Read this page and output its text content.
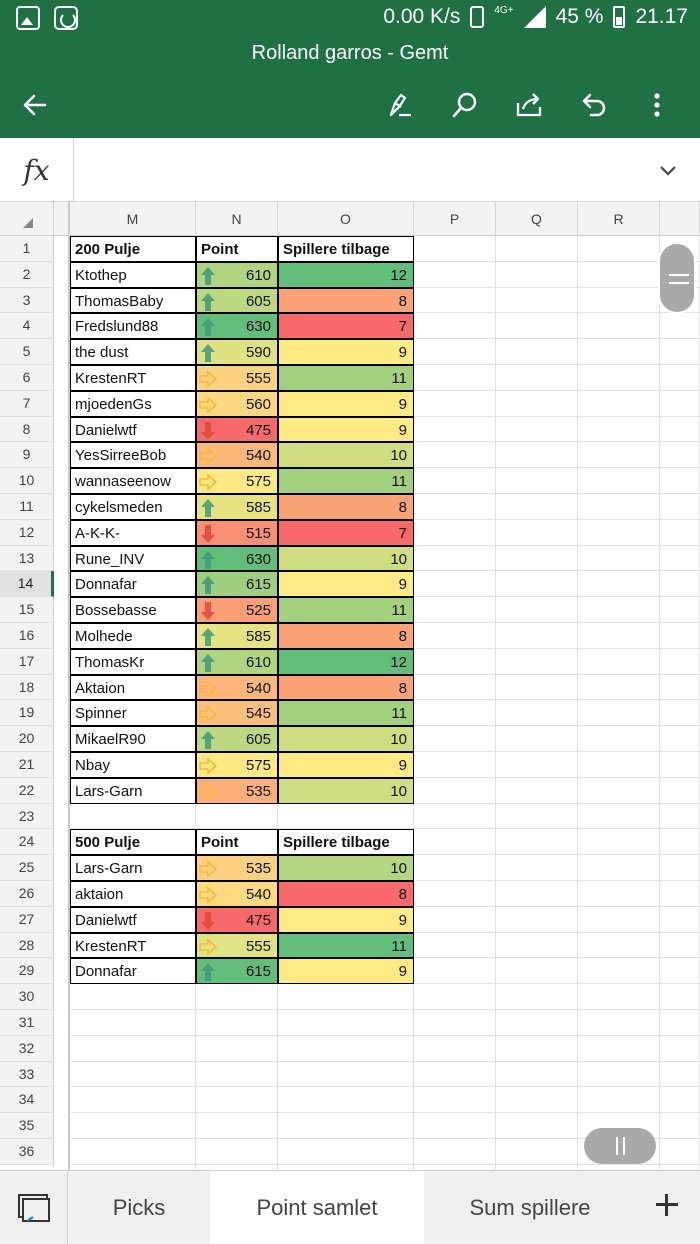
0.00 K/s	4G+ 45 % 21.17
Rolland garros - Gemt
fx
M	N	O	P	Q	R
1
2
3
4
5
6
7
8
9
10
11
12
13
14
15
16
17
18
19
20
21
22
23
24
25
26
27
28
29
30
31
32
33
34
35
36
200 Pulje	Point	Spillere tilbage
Ktothep	610	12
ThomasBaby	605	8
Fredslund88	630	7
the dust	590	9
KrestenRT	555	11
mjoedenGs	560	9
Danielwtf	475	9
YesSirreeBob	540	10
wannaseenow	575	11
cykelsmeden	585	8
A-K-K-	515	7
Rune_INV	630	10
Donnafar	615	9
Bossebasse	525	11
Molhede	585	8
ThomasKr	610	12
Aktaion	540	8
Spinner	545	11
MikaelR90	605	10
Nbay	575	9
Lars-Garn	535	10
500 Pulje	Point	Spillere tilbage
Lars-Garn	535	10
aktaion	540	8
Danielwtf	475	9
KrestenRT	555	11
Donnafar	615	9
Picks	Point samlet	Sum spillere
